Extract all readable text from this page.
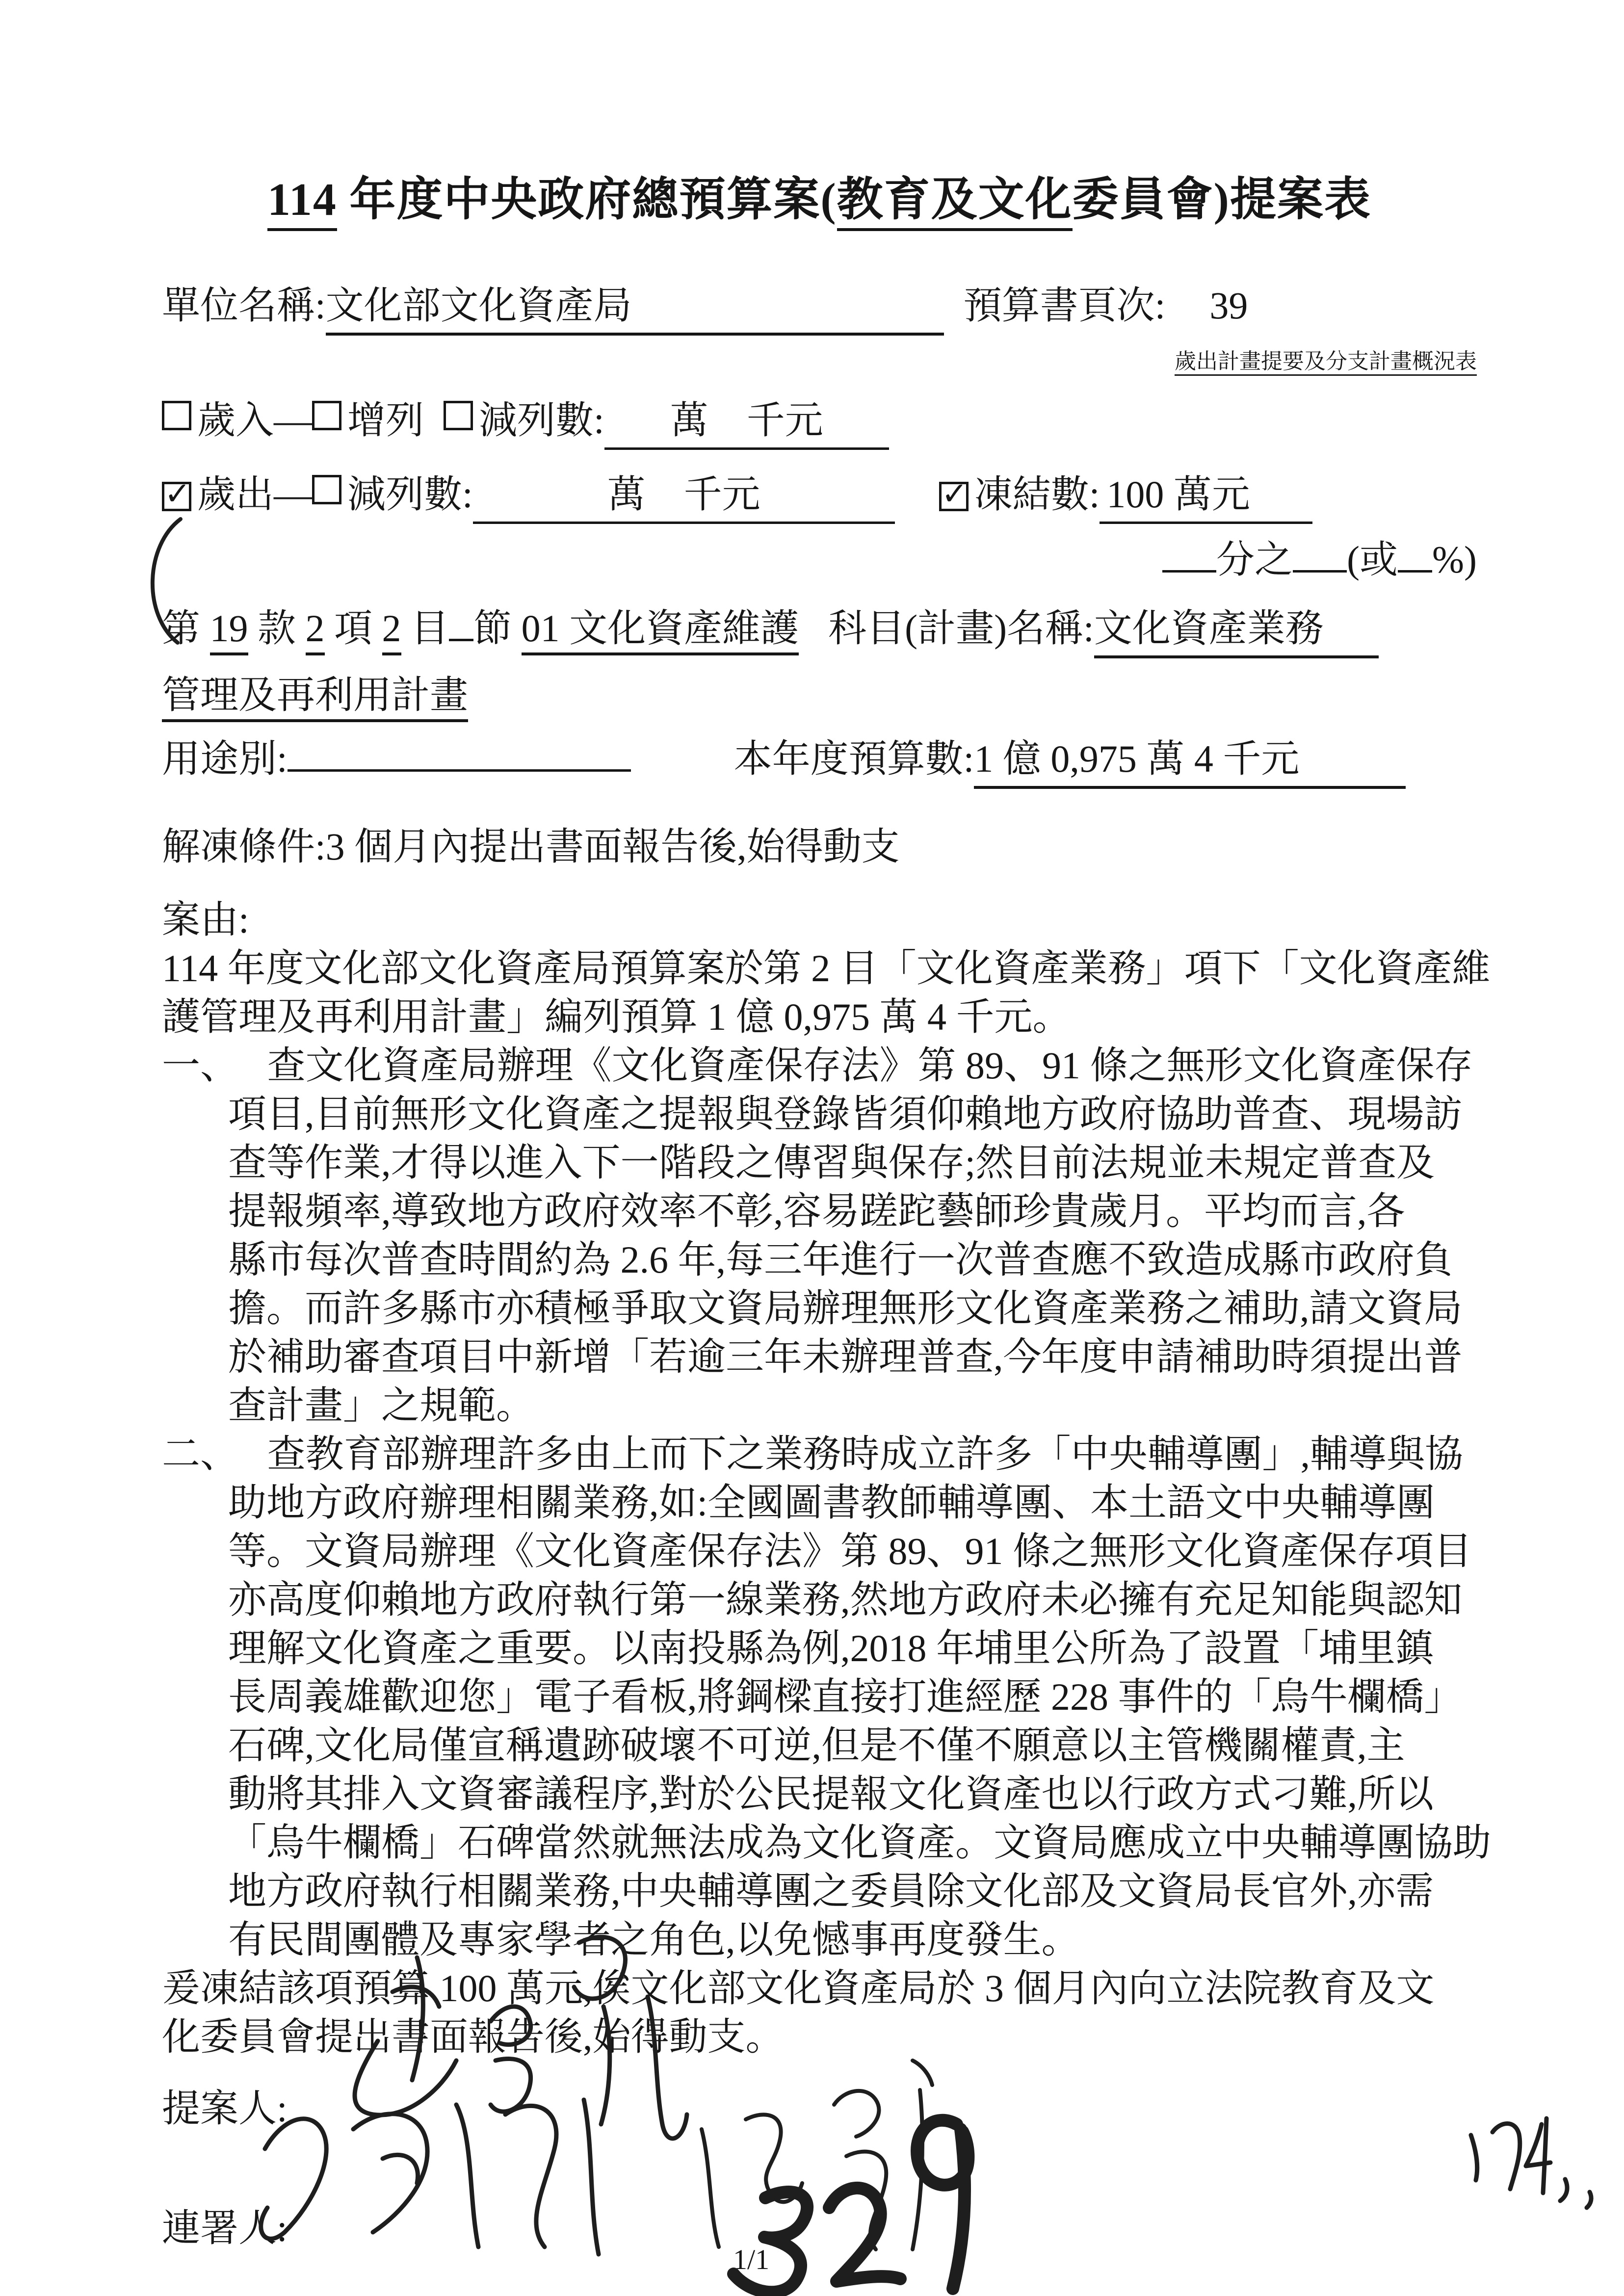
114 年度中央政府總預算案(教育及文化委員會)提案表
單位名稱:文化部文化資產局	預算書頁次: 39
歲出計畫提要及分支計畫概況表
歲入— 增列 減列數: 萬　千元
✓ 歲出— 減列數:	萬　千元	✓ 凍結數: 100 萬元
分之 (或 %)
第 19 款 2 項 2 目 節 01 文化資產維護 科目(計畫)名稱:文化資產業務
管理及再利用計畫
用途別:	本年度預算數:1 億 0,975 萬 4 千元
解凍條件:3 個月內提出書面報告後,始得動支
案由:
114 年度文化部文化資產局預算案於第 2 目「文化資產業務」項下「文化資產維
護管理及再利用計畫」編列預算 1 億 0,975 萬 4 千元。
一、　 查文化資產局辦理《文化資產保存法》第 89、91 條之無形文化資產保存
項目,目前無形文化資產之提報與登錄皆須仰賴地方政府協助普查、現場訪
查等作業,才得以進入下一階段之傳習與保存;然目前法規並未規定普查及
提報頻率,導致地方政府效率不彰,容易蹉跎藝師珍貴歲月。平均而言,各
縣市每次普查時間約為 2.6 年,每三年進行一次普查應不致造成縣市政府負
擔。而許多縣市亦積極爭取文資局辦理無形文化資產業務之補助,請文資局
於補助審查項目中新增「若逾三年未辦理普查,今年度申請補助時須提出普
查計畫」之規範。
二、　 查教育部辦理許多由上而下之業務時成立許多「中央輔導團」,輔導與協
助地方政府辦理相關業務,如:全國圖書教師輔導團、本土語文中央輔導團
等。文資局辦理《文化資產保存法》第 89、91 條之無形文化資產保存項目
亦高度仰賴地方政府執行第一線業務,然地方政府未必擁有充足知能與認知
理解文化資產之重要。以南投縣為例,2018 年埔里公所為了設置「埔里鎮
長周義雄歡迎您」電子看板,將鋼樑直接打進經歷 228 事件的「烏牛欄橋」
石碑,文化局僅宣稱遺跡破壞不可逆,但是不僅不願意以主管機關權責,主
動將其排入文資審議程序,對於公民提報文化資產也以行政方式刁難,所以
「烏牛欄橋」石碑當然就無法成為文化資產。文資局應成立中央輔導團協助
地方政府執行相關業務,中央輔導團之委員除文化部及文資局長官外,亦需
有民間團體及專家學者之角色,以免憾事再度發生。
爰凍結該項預算 100 萬元,俟文化部文化資產局於 3 個月內向立法院教育及文
化委員會提出書面報告後,始得動支。
提案人:
連署人:
1/1
